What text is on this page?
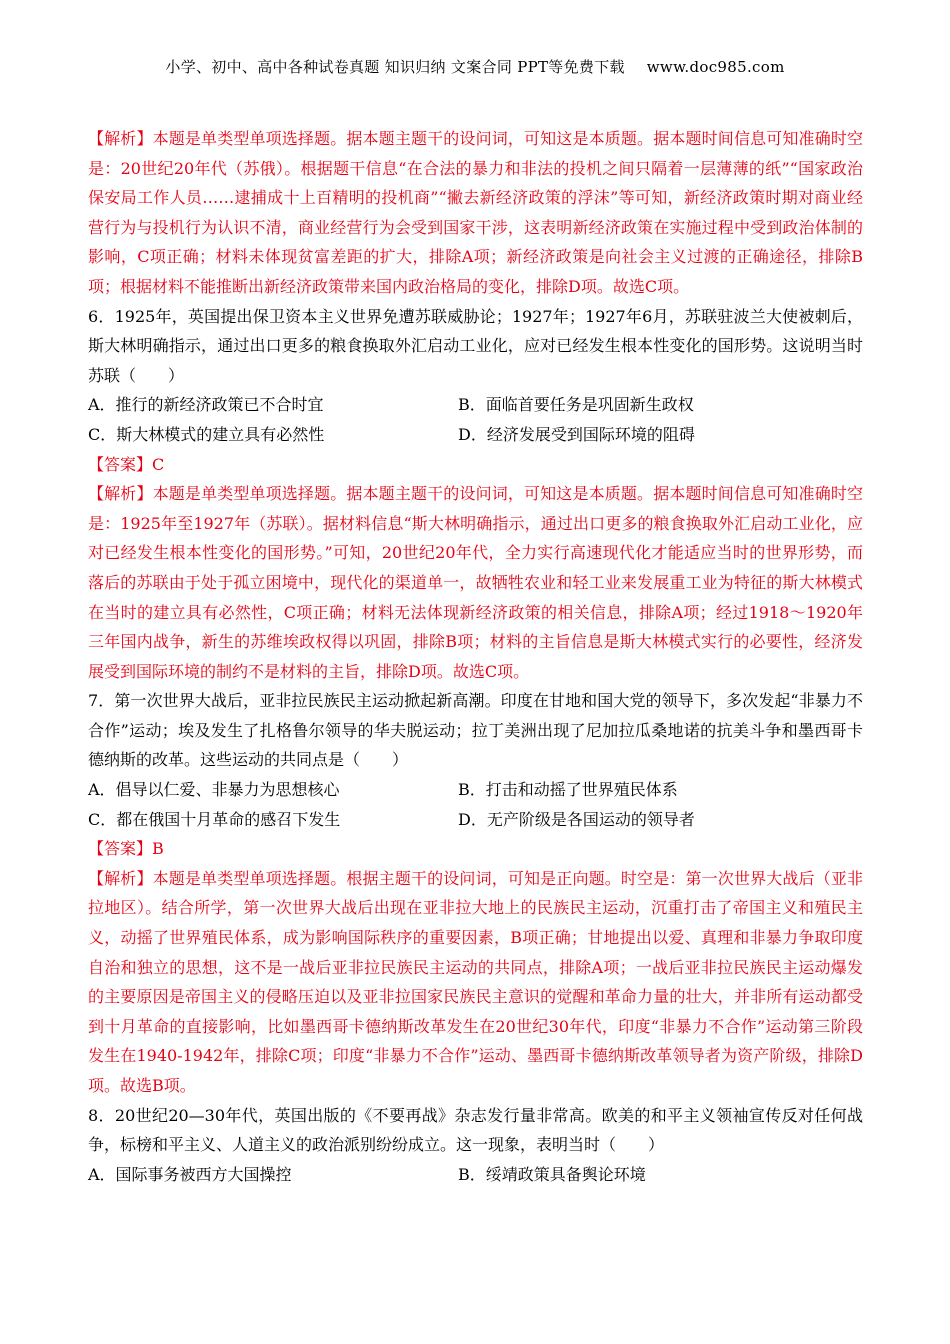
小学、初中、高中各种试卷真题 知识归纳 文案合同 PPT等免费下载 www.doc985.com

【解析】本题是单类型单项选择题。据本题主题干的设问词，可知这是本质题。据本题时间信息可知准确时空是：20世纪20年代（苏俄）。根据题干信息“在合法的暴力和非法的投机之间只隔着一层薄薄的纸”“国家政治保安局工作人员……逮捕成十上百精明的投机商”“撇去新经济政策的浮沫”等可知，新经济政策时期对商业经营行为与投机行为认识不清，商业经营行为会受到国家干涉，这表明新经济政策在实施过程中受到政治体制的影响，C项正确；材料未体现贫富差距的扩大，排除A项；新经济政策是向社会主义过渡的正确途径，排除B项；根据材料不能推断出新经济政策带来国内政治格局的变化，排除D项。故选C项。

6．1925年，英国提出保卫资本主义世界免遭苏联威胁论；1927年；1927年6月，苏联驻波兰大使被刺后，斯大林明确指示，通过出口更多的粮食换取外汇启动工业化，应对已经发生根本性变化的国形势。这说明当时苏联（　　）

A．推行的新经济政策已不合时宜	B．面临首要任务是巩固新生政权
C．斯大林模式的建立具有必然性	D．经济发展受到国际环境的阻碍

【答案】C

【解析】本题是单类型单项选择题。据本题主题干的设问词，可知这是本质题。据本题时间信息可知准确时空是：1925年至1927年（苏联）。据材料信息“斯大林明确指示，通过出口更多的粮食换取外汇启动工业化，应对已经发生根本性变化的国形势。”可知，20世纪20年代，全力实行高速现代化才能适应当时的世界形势，而落后的苏联由于处于孤立困境中，现代化的渠道单一，故牺牲农业和轻工业来发展重工业为特征的斯大林模式在当时的建立具有必然性，C项正确；材料无法体现新经济政策的相关信息，排除A项；经过1918～1920年三年国内战争，新生的苏维埃政权得以巩固，排除B项；材料的主旨信息是斯大林模式实行的必要性，经济发展受到国际环境的制约不是材料的主旨，排除D项。故选C项。

7．第一次世界大战后，亚非拉民族民主运动掀起新高潮。印度在甘地和国大党的领导下，多次发起“非暴力不合作”运动；埃及发生了扎格鲁尔领导的华夫脱运动；拉丁美洲出现了尼加拉瓜桑地诺的抗美斗争和墨西哥卡德纳斯的改革。这些运动的共同点是（　　）

A．倡导以仁爱、非暴力为思想核心	B．打击和动摇了世界殖民体系
C．都在俄国十月革命的感召下发生	D．无产阶级是各国运动的领导者

【答案】B

【解析】本题是单类型单项选择题。根据主题干的设问词，可知是正向题。时空是：第一次世界大战后（亚非拉地区）。结合所学，第一次世界大战后出现在亚非拉大地上的民族民主运动，沉重打击了帝国主义和殖民主义，动摇了世界殖民体系，成为影响国际秩序的重要因素，B项正确；甘地提出以爱、真理和非暴力争取印度自治和独立的思想，这不是一战后亚非拉民族民主运动的共同点，排除A项；一战后亚非拉民族民主运动爆发的主要原因是帝国主义的侵略压迫以及亚非拉国家民族民主意识的觉醒和革命力量的壮大，并非所有运动都受到十月革命的直接影响，比如墨西哥卡德纳斯改革发生在20世纪30年代，印度“非暴力不合作”运动第三阶段发生在1940-1942年，排除C项；印度“非暴力不合作”运动、墨西哥卡德纳斯改革领导者为资产阶级，排除D项。故选B项。

8．20世纪20—30年代，英国出版的《不要再战》杂志发行量非常高。欧美的和平主义领袖宣传反对任何战争，标榜和平主义、人道主义的政治派别纷纷成立。这一现象，表明当时（　　）

A．国际事务被西方大国操控	B．绥靖政策具备舆论环境
